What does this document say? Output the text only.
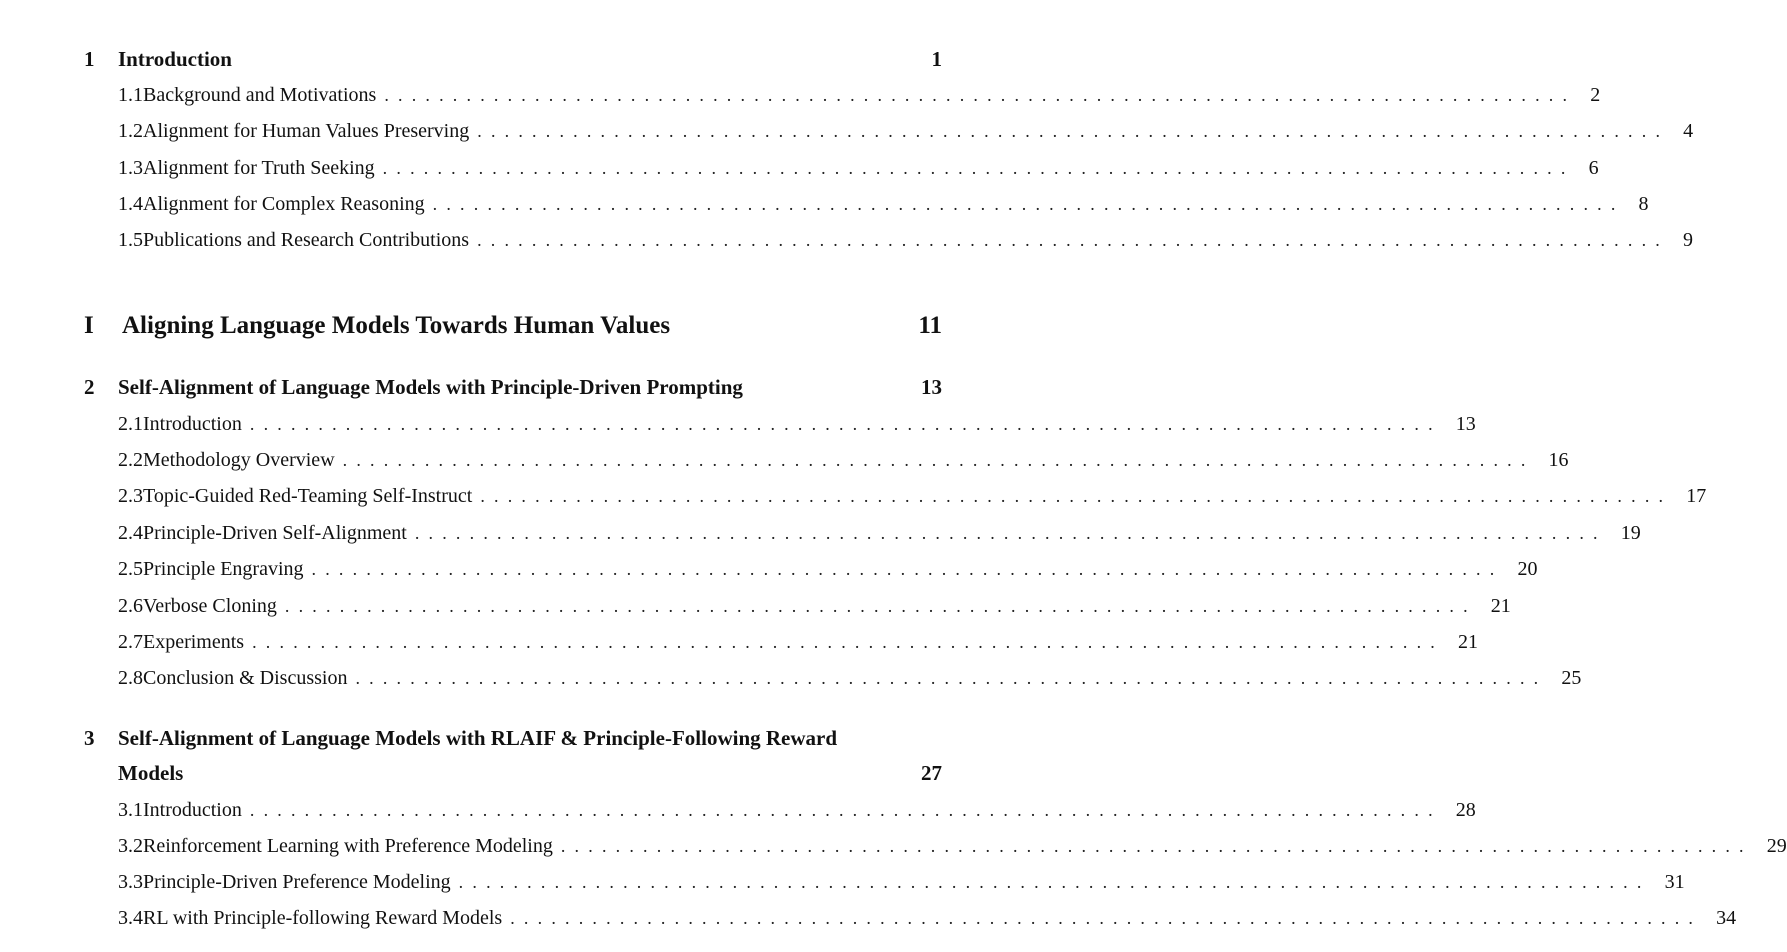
1	Introduction	1
1.1 Background and Motivations ....................................................................................... 2
1.2 Alignment for Human Values Preserving ....................................................................................... 4
1.3 Alignment for Truth Seeking ....................................................................................... 6
1.4 Alignment for Complex Reasoning ....................................................................................... 8
1.5 Publications and Research Contributions ....................................................................................... 9
I	Aligning Language Models Towards Human Values	11
2	Self-Alignment of Language Models with Principle-Driven Prompting	13
2.1 Introduction ....................................................................................... 13
2.2 Methodology Overview ....................................................................................... 16
2.3 Topic-Guided Red-Teaming Self-Instruct ....................................................................................... 17
2.4 Principle-Driven Self-Alignment ....................................................................................... 19
2.5 Principle Engraving ....................................................................................... 20
2.6 Verbose Cloning ....................................................................................... 21
2.7 Experiments ....................................................................................... 21
2.8 Conclusion & Discussion ....................................................................................... 25
3	Self-Alignment of Language Models with RLAIF & Principle-Following Reward
Models	27
3.1 Introduction ....................................................................................... 28
3.2 Reinforcement Learning with Preference Modeling ....................................................................................... 29
3.3 Principle-Driven Preference Modeling ....................................................................................... 31
3.4 RL with Principle-following Reward Models ....................................................................................... 34
